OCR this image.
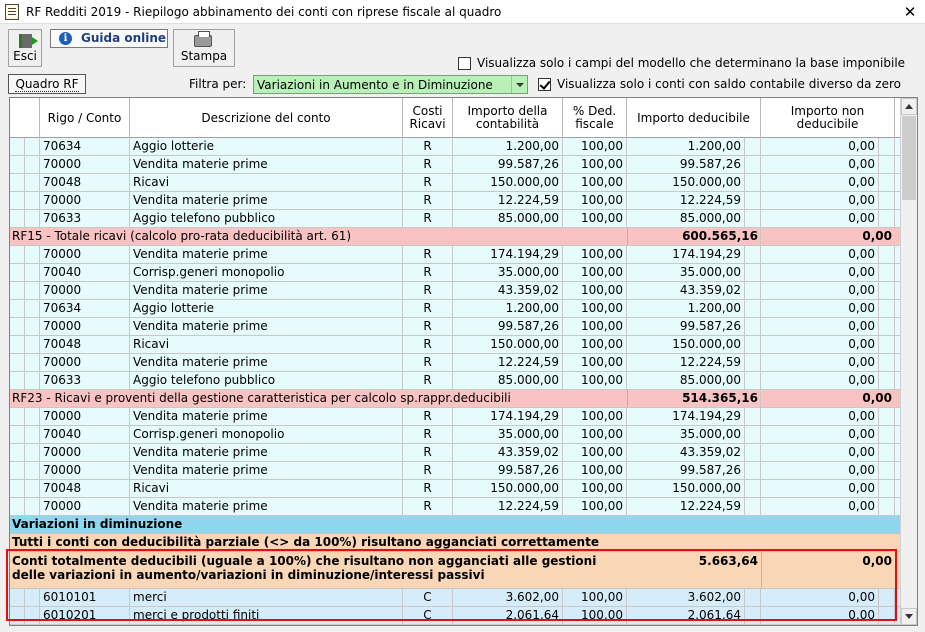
RF Redditi 2019 - Riepilogo abbinamento dei conti con riprese fiscale al quadro	✕
Esci
i	Guida online
Stampa	Visualizza solo i campi del modello che determinano la base imponibile
Visualizza solo i conti con saldo contabile diverso da zero
Quadro RF	Filtra per: Variazioni in Aumento e in Diminuzione
Rigo / Conto	Descrizione del conto	Costi Ricavi
Importo della contabilità
% Ded. fiscale	Importo deducibile	Importo non deducibile
70634	Aggio lotterie	R	1.200,00	100,00	1.200,00	0,00
70000	Vendita materie prime	R	99.587,26	100,00	99.587,26	0,00
70048	Ricavi	R	150.000,00	100,00	150.000,00	0,00
70000	Vendita materie prime	R	12.224,59	100,00	12.224,59	0,00
70633	Aggio telefono pubblico	R	85.000,00	100,00	85.000,00	0,00
RF15 - Totale ricavi (calcolo pro-rata deducibilità art. 61)	600.565,16	0,00
70000	Vendita materie prime	R	174.194,29	100,00	174.194,29	0,00
70040	Corrisp.generi monopolio	R	35.000,00	100,00	35.000,00	0,00
70000	Vendita materie prime	R	43.359,02	100,00	43.359,02	0,00
70634	Aggio lotterie	R	1.200,00	100,00	1.200,00	0,00
70000	Vendita materie prime	R	99.587,26	100,00	99.587,26	0,00
70048	Ricavi	R	150.000,00	100,00	150.000,00	0,00
70000	Vendita materie prime	R	12.224,59	100,00	12.224,59	0,00
70633	Aggio telefono pubblico	R	85.000,00	100,00	85.000,00	0,00
RF23 - Ricavi e proventi della gestione caratteristica per calcolo sp.rappr.deducibili	514.365,16	0,00
70000	Vendita materie prime	R	174.194,29	100,00	174.194,29	0,00
70040	Corrisp.generi monopolio	R	35.000,00	100,00	35.000,00	0,00
70000	Vendita materie prime	R	43.359,02	100,00	43.359,02	0,00
70000	Vendita materie prime	R	99.587,26	100,00	99.587,26	0,00
70048	Ricavi	R	150.000,00	100,00	150.000,00	0,00
70000	Vendita materie prime	R	12.224,59	100,00	12.224,59	0,00
Variazioni in diminuzione
Tutti i conti con deducibilità parziale (<> da 100%) risultano agganciati correttamente
Conti totalmente deducibili (uguale a 100%) che risultano non agganciati alle gestioni delle variazioni in aumento/variazioni in diminuzione/interessi passivi
5.663,64	0,00
6010101	merci	C	3.602,00	100,00	3.602,00	0,00
6010201	merci e prodotti finiti	C	2.061,64	100,00	2.061,64	0,00
